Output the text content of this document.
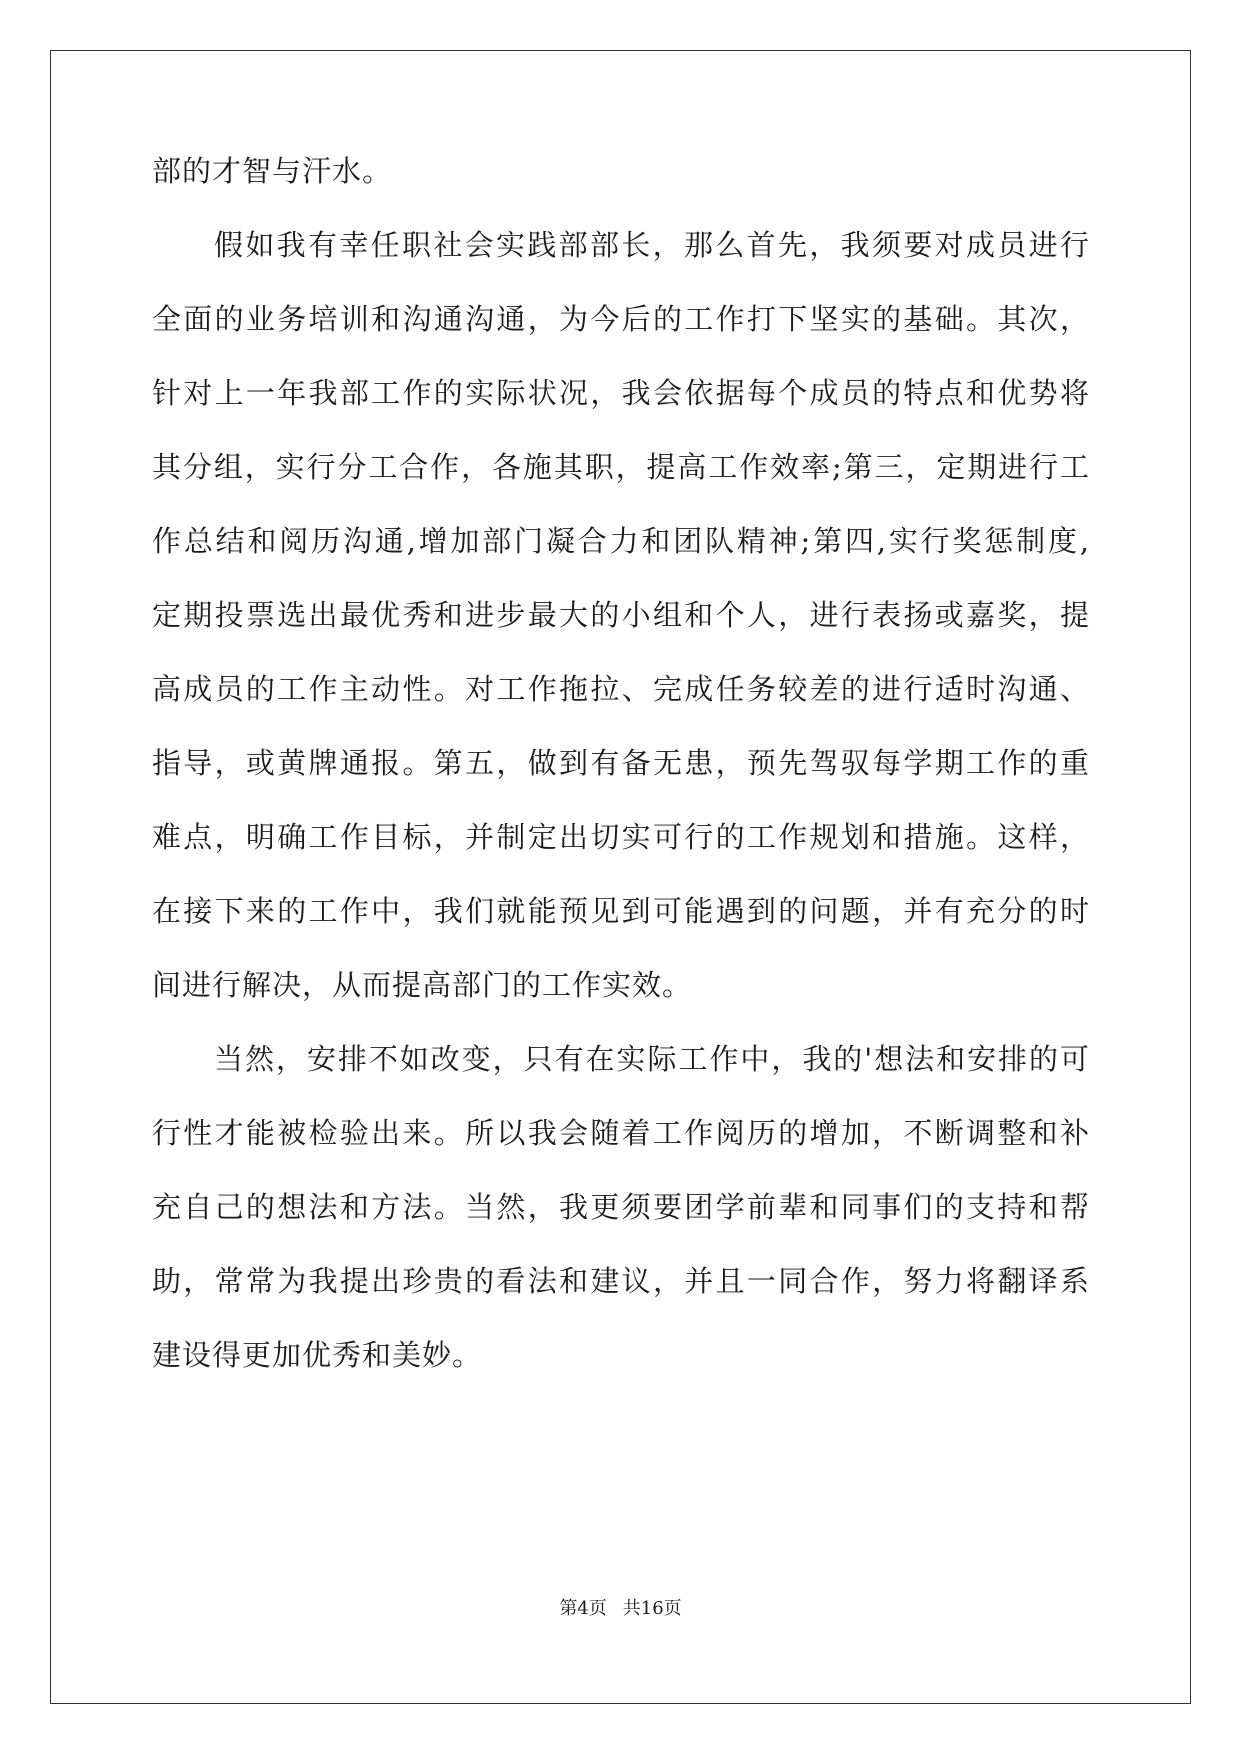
部的才智与汗水。
假如我有幸任职社会实践部部长，那么首先，我须要对成员进行
全面的业务培训和沟通沟通，为今后的工作打下坚实的基础。其次，
针对上一年我部工作的实际状况，我会依据每个成员的特点和优势将
其分组，实行分工合作，各施其职，提高工作效率;第三，定期进行工
作总结和阅历沟通,增加部门凝合力和团队精神;第四,实行奖惩制度,
定期投票选出最优秀和进步最大的小组和个人，进行表扬或嘉奖，提
高成员的工作主动性。对工作拖拉、完成任务较差的进行适时沟通、
指导，或黄牌通报。第五，做到有备无患，预先驾驭每学期工作的重
难点，明确工作目标，并制定出切实可行的工作规划和措施。这样，
在接下来的工作中，我们就能预见到可能遇到的问题，并有充分的时
间进行解决，从而提高部门的工作实效。
当然，安排不如改变，只有在实际工作中，我的'想法和安排的可
行性才能被检验出来。所以我会随着工作阅历的增加，不断调整和补
充自己的想法和方法。当然，我更须要团学前辈和同事们的支持和帮
助，常常为我提出珍贵的看法和建议，并且一同合作，努力将翻译系
建设得更加优秀和美妙。
第4页 共16页
